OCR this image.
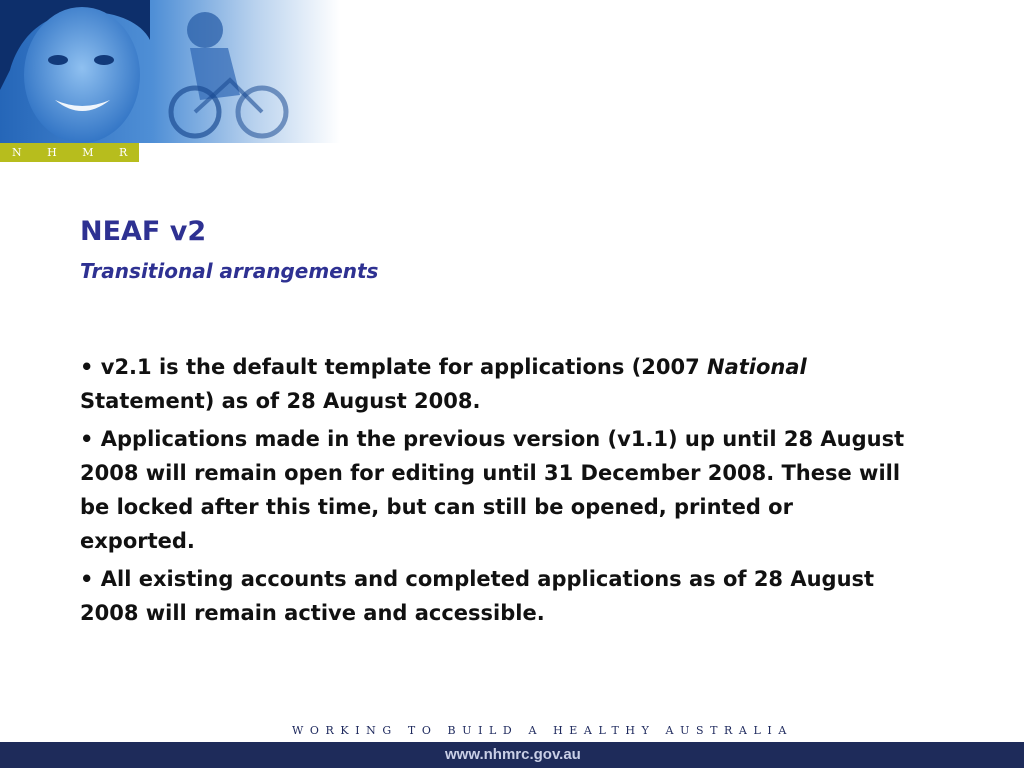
N H M R C
NEAF v2
Transitional arrangements
• v2.1 is the default template for applications (2007 National Statement) as of 28 August 2008.
• Applications made in the previous version (v1.1) up until 28 August 2008 will remain open for editing until 31 December 2008. These will be locked after this time, but can still be opened, printed or exported.
• All existing accounts and completed applications as of 28 August 2008 will remain active and accessible.
WORKING TO BUILD A HEALTHY AUSTRALIA
www.nhmrc.gov.au
